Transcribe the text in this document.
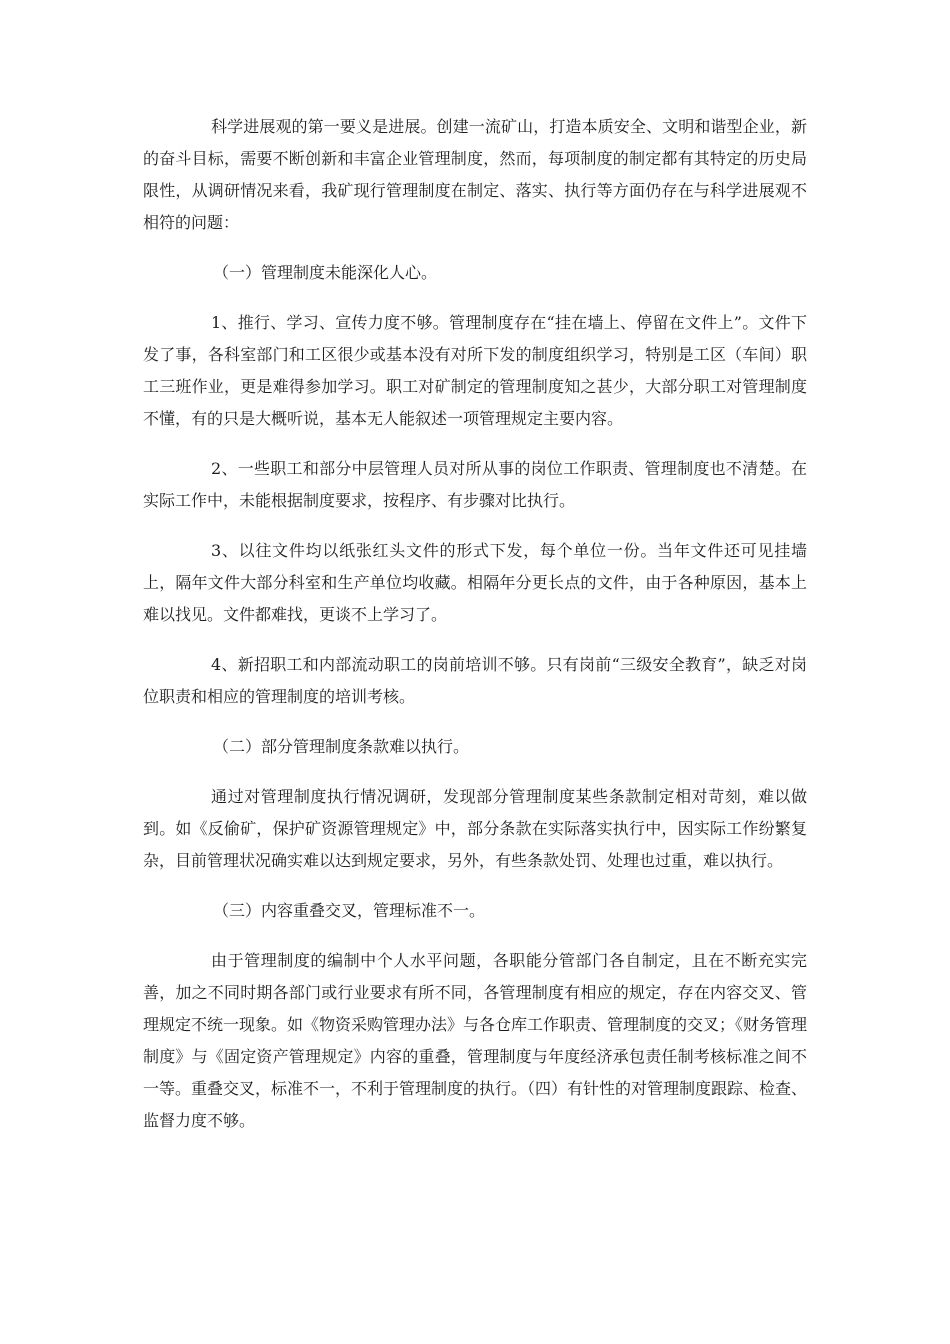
科学进展观的第一要义是进展。创建一流矿山，打造本质安全、文明和谐型企业，新的奋斗目标，需要不断创新和丰富企业管理制度，然而，每项制度的制定都有其特定的历史局限性，从调研情况来看，我矿现行管理制度在制定、落实、执行等方面仍存在与科学进展观不相符的问题：

（一）管理制度未能深化人心。

1、推行、学习、宣传力度不够。管理制度存在“挂在墙上、停留在文件上”。文件下发了事，各科室部门和工区很少或基本没有对所下发的制度组织学习，特别是工区（车间）职工三班作业，更是难得参加学习。职工对矿制定的管理制度知之甚少，大部分职工对管理制度不懂，有的只是大概听说，基本无人能叙述一项管理规定主要内容。

2、一些职工和部分中层管理人员对所从事的岗位工作职责、管理制度也不清楚。在实际工作中，未能根据制度要求，按程序、有步骤对比执行。

3、以往文件均以纸张红头文件的形式下发，每个单位一份。当年文件还可见挂墙上，隔年文件大部分科室和生产单位均收藏。相隔年分更长点的文件，由于各种原因，基本上难以找见。文件都难找，更谈不上学习了。

4、新招职工和内部流动职工的岗前培训不够。只有岗前“三级安全教育”，缺乏对岗位职责和相应的管理制度的培训考核。

（二）部分管理制度条款难以执行。

通过对管理制度执行情况调研，发现部分管理制度某些条款制定相对苛刻，难以做到。如《反偷矿，保护矿资源管理规定》中，部分条款在实际落实执行中，因实际工作纷繁复杂，目前管理状况确实难以达到规定要求，另外，有些条款处罚、处理也过重，难以执行。

（三）内容重叠交叉，管理标准不一。

由于管理制度的编制中个人水平问题，各职能分管部门各自制定，且在不断充实完善，加之不同时期各部门或行业要求有所不同，各管理制度有相应的规定，存在内容交叉、管理规定不统一现象。如《物资采购管理办法》与各仓库工作职责、管理制度的交叉；《财务管理制度》与《固定资产管理规定》内容的重叠，管理制度与年度经济承包责任制考核标准之间不一等。重叠交叉，标准不一，不利于管理制度的执行。（四）有针性的对管理制度跟踪、检查、监督力度不够。
